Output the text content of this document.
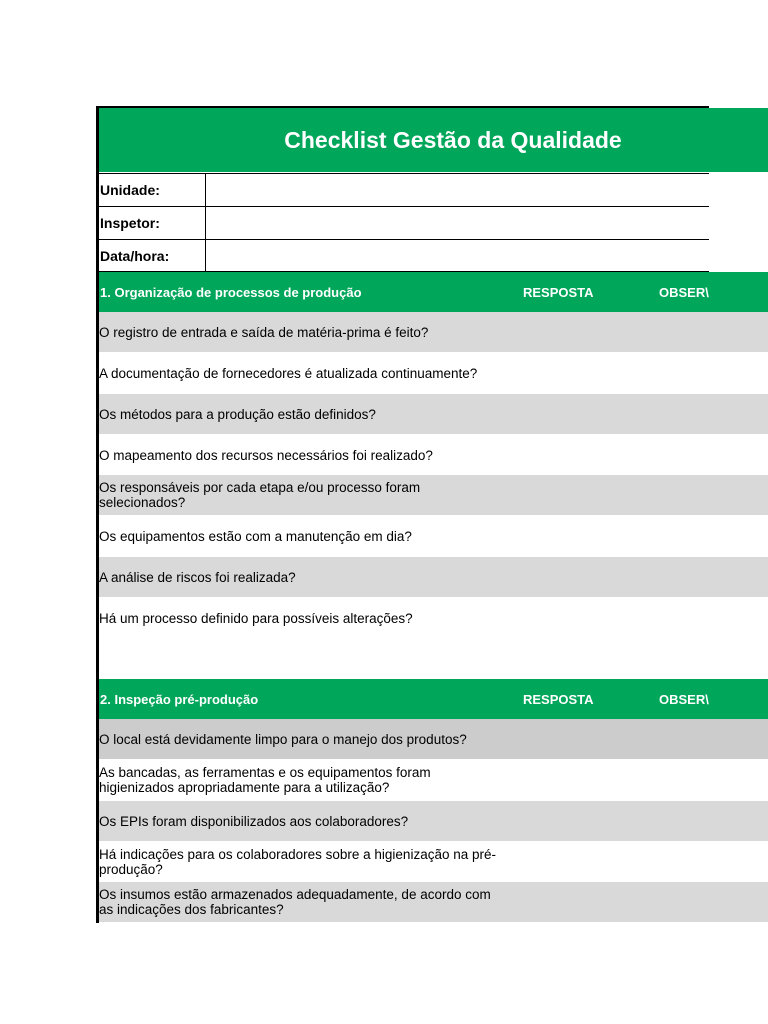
Checklist Gestão da Qualidade
Unidade:
Inspetor:
Data/hora:
1. Organização de processos de produção	RESPOSTA	OBSER\
O registro de entrada e saída de matéria-prima é feito?
A documentação de fornecedores é atualizada continuamente?
Os métodos para a produção estão definidos?
O mapeamento dos recursos necessários foi realizado?
Os responsáveis por cada etapa e/ou processo foram selecionados?
Os equipamentos estão com a manutenção em dia?
A análise de riscos foi realizada?
Há um processo definido para possíveis alterações?
2. Inspeção pré-produção	RESPOSTA	OBSER\
O local está devidamente limpo para o manejo dos produtos?
As bancadas, as ferramentas e os equipamentos foram higienizados apropriadamente para a utilização?
Os EPIs foram disponibilizados aos colaboradores?
Há indicações para os colaboradores sobre a higienização na pré-produção?
Os insumos estão armazenados adequadamente, de acordo com as indicações dos fabricantes?
